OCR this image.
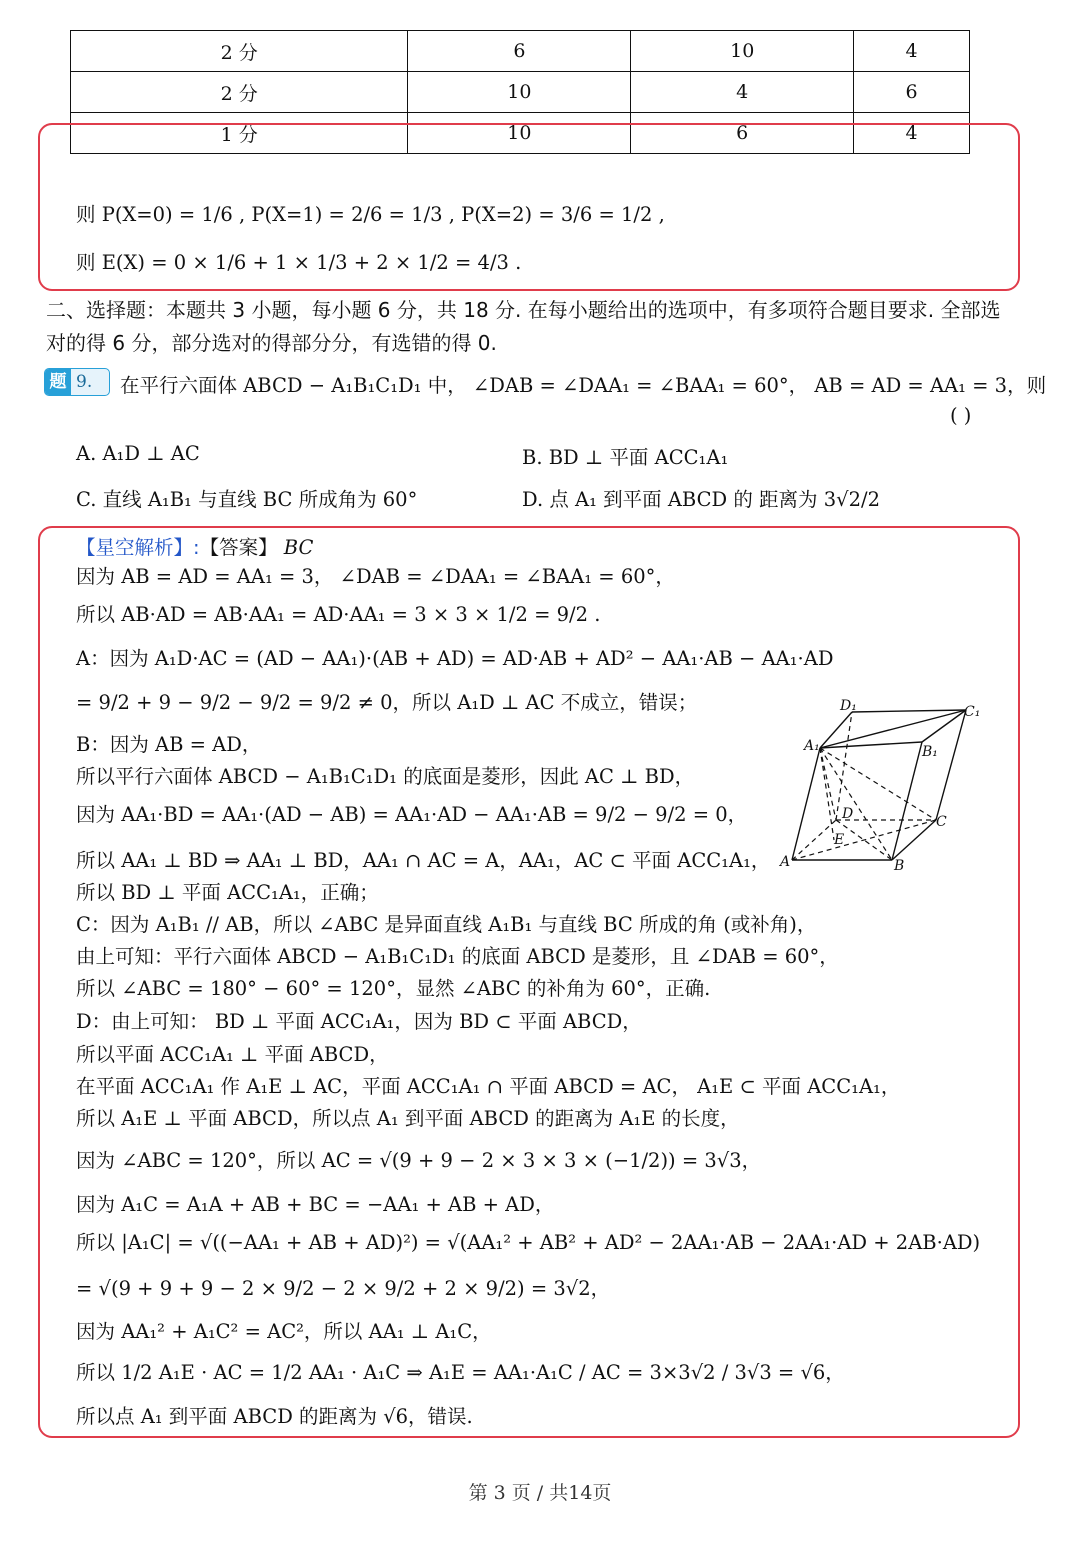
2 分	6	10	4
2 分	10	4	6
1 分	10	6	4
则 P(X=0) = 1/6 , P(X=1) = 2/6 = 1/3 , P(X=2) = 3/6 = 1/2 ,
则 E(X) = 0 × 1/6 + 1 × 1/3 + 2 × 1/2 = 4/3 .
二、选择题：本题共 3 小题，每小题 6 分，共 18 分. 在每小题给出的选项中，有多项符合题目要求. 全部选
对的得 6 分，部分选对的得部分分，有选错的得 0.
题 9. 在平行六面体 ABCD − A₁B₁C₁D₁ 中， ∠DAB = ∠DAA₁ = ∠BAA₁ = 60°， AB = AD = AA₁ = 3，则
( )
A. A₁D ⊥ AC	B. BD ⊥ 平面 ACC₁A₁
C. 直线 A₁B₁ 与直线 BC 所成角为 60°	D. 点 A₁ 到平面 ABCD 的 距离为 3√2/2
【星空解析】:【答案】 BC
因为 AB = AD = AA₁ = 3， ∠DAB = ∠DAA₁ = ∠BAA₁ = 60°，
所以 AB·AD = AB·AA₁ = AD·AA₁ = 3 × 3 × 1/2 = 9/2 .
A：因为 A₁D·AC = (AD − AA₁)·(AB + AD) = AD·AB + AD² − AA₁·AB − AA₁·AD
= 9/2 + 9 − 9/2 − 9/2 = 9/2 ≠ 0，所以 A₁D ⊥ AC 不成立，错误；
B：因为 AB = AD，
所以平行六面体 ABCD − A₁B₁C₁D₁ 的底面是菱形，因此 AC ⊥ BD，
因为 AA₁·BD = AA₁·(AD − AB) = AA₁·AD − AA₁·AB = 9/2 − 9/2 = 0，
所以 AA₁ ⊥ BD ⇒ AA₁ ⊥ BD，AA₁ ∩ AC = A，AA₁，AC ⊂ 平面 ACC₁A₁，
所以 BD ⊥ 平面 ACC₁A₁，正确；
C：因为 A₁B₁ // AB，所以 ∠ABC 是异面直线 A₁B₁ 与直线 BC 所成的角 (或补角)，
由上可知：平行六面体 ABCD − A₁B₁C₁D₁ 的底面 ABCD 是菱形，且 ∠DAB = 60°，
所以 ∠ABC = 180° − 60° = 120°，显然 ∠ABC 的补角为 60°，正确.
D：由上可知： BD ⊥ 平面 ACC₁A₁，因为 BD ⊂ 平面 ABCD，
所以平面 ACC₁A₁ ⊥ 平面 ABCD，
在平面 ACC₁A₁ 作 A₁E ⊥ AC，平面 ACC₁A₁ ∩ 平面 ABCD = AC， A₁E ⊂ 平面 ACC₁A₁，
所以 A₁E ⊥ 平面 ABCD，所以点 A₁ 到平面 ABCD 的距离为 A₁E 的长度，
因为 ∠ABC = 120°，所以 AC = √(9 + 9 − 2 × 3 × 3 × (−1/2)) = 3√3，
因为 A₁C = A₁A + AB + BC = −AA₁ + AB + AD，
所以 |A₁C| = √((−AA₁ + AB + AD)²) = √(AA₁² + AB² + AD² − 2AA₁·AB − 2AA₁·AD + 2AB·AD)
= √(9 + 9 + 9 − 2 × 9/2 − 2 × 9/2 + 2 × 9/2) = 3√2，
因为 AA₁² + A₁C² = AC²，所以 AA₁ ⊥ A₁C，
所以 1/2 A₁E · AC = 1/2 AA₁ · A₁C ⇒ A₁E = AA₁·A₁C / AC = 3×3√2 / 3√3 = √6，
所以点 A₁ 到平面 ABCD 的距离为 √6，错误.
D₁	C₁
A₁	B₁
D	C
E
A	B
第 3 页 / 共14页
